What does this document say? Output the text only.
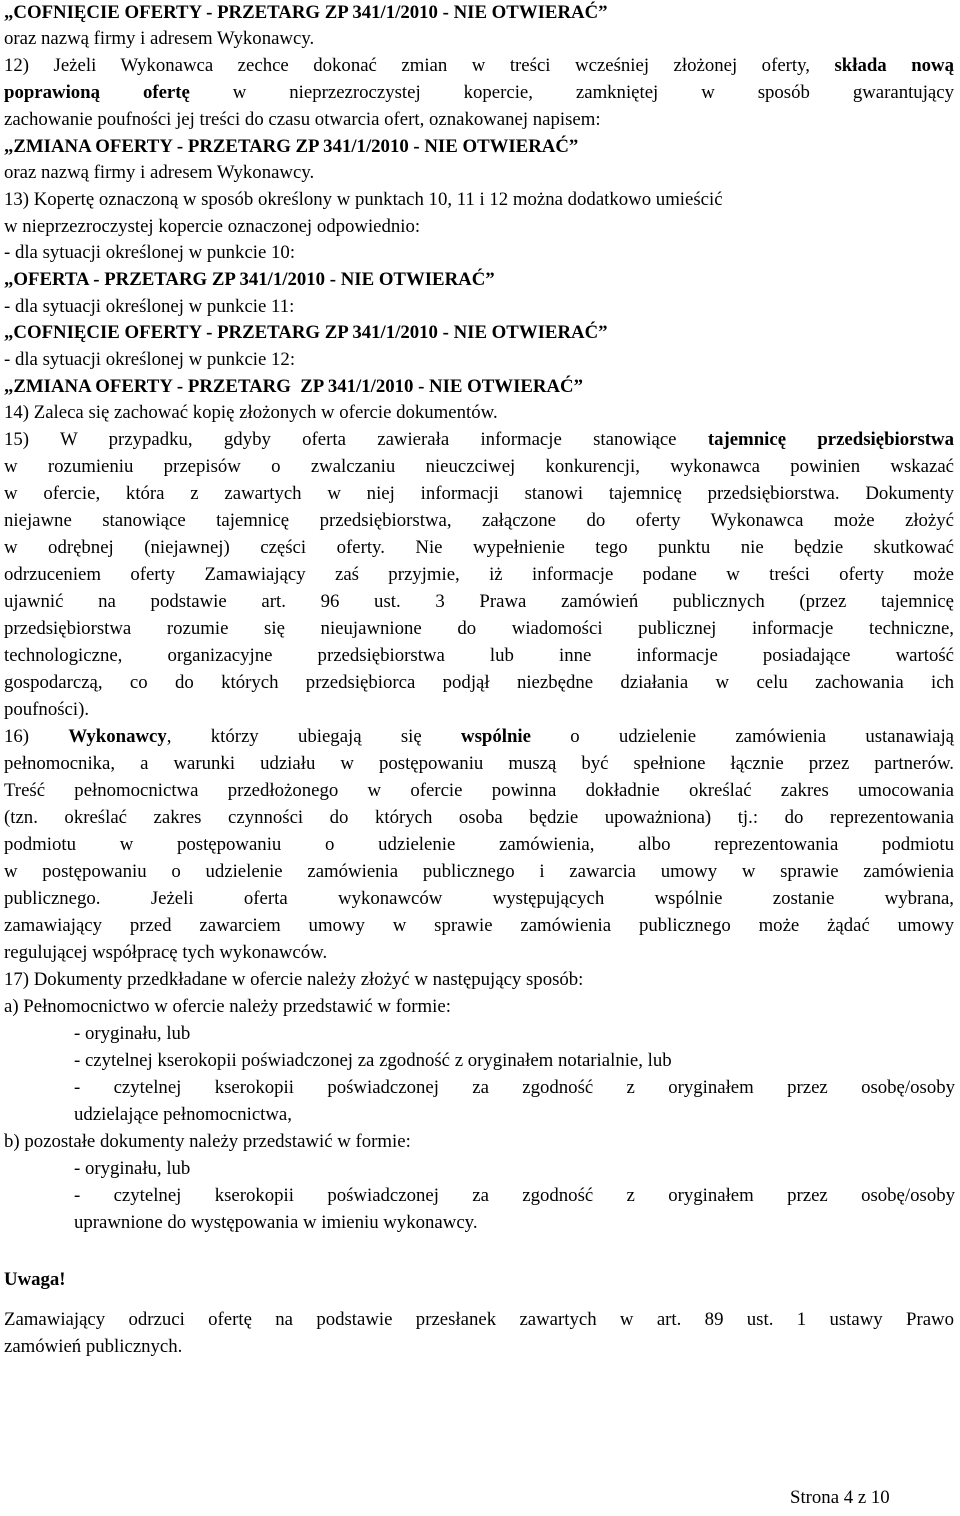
„COFNIĘCIE OFERTY - PRZETARG ZP 341/1/2010 - NIE OTWIERAĆ”
oraz nazwą firmy i adresem Wykonawcy.
12) Jeżeli Wykonawca zechce dokonać zmian w treści wcześniej złożonej oferty, składa nową
poprawioną ofertę w nieprzezroczystej kopercie, zamkniętej w sposób gwarantujący
zachowanie poufności jej treści do czasu otwarcia ofert, oznakowanej napisem:
„ZMIANA OFERTY - PRZETARG ZP 341/1/2010 - NIE OTWIERAĆ”
oraz nazwą firmy i adresem Wykonawcy.
13) Kopertę oznaczoną w sposób określony w punktach 10, 11 i 12 można dodatkowo umieścić
w nieprzezroczystej kopercie oznaczonej odpowiednio:
- dla sytuacji określonej w punkcie 10:
„OFERTA - PRZETARG ZP 341/1/2010 - NIE OTWIERAĆ”
- dla sytuacji określonej w punkcie 11:
„COFNIĘCIE OFERTY - PRZETARG ZP 341/1/2010 - NIE OTWIERAĆ”
- dla sytuacji określonej w punkcie 12:
„ZMIANA OFERTY - PRZETARG  ZP 341/1/2010 - NIE OTWIERAĆ”
14) Zaleca się zachować kopię złożonych w ofercie dokumentów.
15) W przypadku, gdyby oferta zawierała informacje stanowiące tajemnicę przedsiębiorstwa
w rozumieniu przepisów o zwalczaniu nieuczciwej konkurencji, wykonawca powinien wskazać
w ofercie, która z zawartych w niej informacji stanowi tajemnicę przedsiębiorstwa. Dokumenty
niejawne stanowiące tajemnicę przedsiębiorstwa, załączone do oferty Wykonawca może złożyć
w odrębnej (niejawnej) części oferty. Nie wypełnienie tego punktu nie będzie skutkować
odrzuceniem oferty Zamawiający zaś przyjmie, iż informacje podane w treści oferty może
ujawnić na podstawie art. 96 ust. 3 Prawa zamówień publicznych (przez tajemnicę
przedsiębiorstwa rozumie się nieujawnione do wiadomości publicznej informacje techniczne,
technologiczne, organizacyjne przedsiębiorstwa lub inne informacje posiadające wartość
gospodarczą, co do których przedsiębiorca podjął niezbędne działania w celu zachowania ich
poufności).
16) Wykonawcy, którzy ubiegają się wspólnie o udzielenie zamówienia ustanawiają
pełnomocnika, a warunki udziału w postępowaniu muszą być spełnione łącznie przez partnerów.
Treść pełnomocnictwa przedłożonego w ofercie powinna dokładnie określać zakres umocowania
(tzn. określać zakres czynności do których osoba będzie upoważniona) tj.: do reprezentowania
podmiotu w postępowaniu o udzielenie zamówienia, albo reprezentowania podmiotu
w postępowaniu o udzielenie zamówienia publicznego i zawarcia umowy w sprawie zamówienia
publicznego. Jeżeli oferta wykonawców występujących wspólnie zostanie wybrana,
zamawiający przed zawarciem umowy w sprawie zamówienia publicznego może żądać umowy
regulującej współpracę tych wykonawców.
17) Dokumenty przedkładane w ofercie należy złożyć w następujący sposób:
a) Pełnomocnictwo w ofercie należy przedstawić w formie:
- oryginału, lub
- czytelnej kserokopii poświadczonej za zgodność z oryginałem notarialnie, lub
- czytelnej kserokopii poświadczonej za zgodność z oryginałem przez osobę/osoby
udzielające pełnomocnictwa,
b) pozostałe dokumenty należy przedstawić w formie:
- oryginału, lub
- czytelnej kserokopii poświadczonej za zgodność z oryginałem przez osobę/osoby
uprawnione do występowania w imieniu wykonawcy.
Uwaga!
Zamawiający odrzuci ofertę na podstawie przesłanek zawartych w art. 89 ust. 1 ustawy Prawo
zamówień publicznych.
Strona 4 z 10
